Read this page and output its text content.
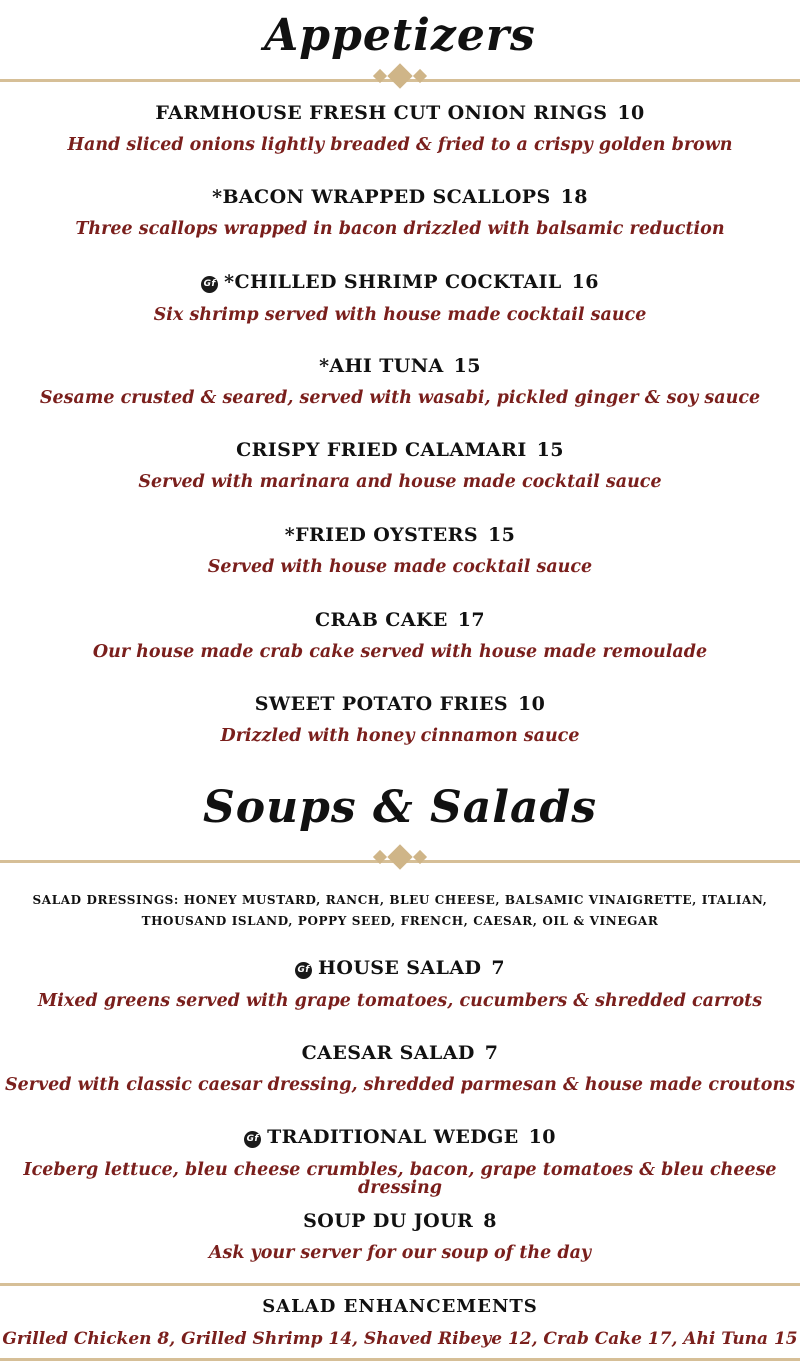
Appetizers
FARMHOUSE FRESH CUT ONION RINGS 10
Hand sliced onions lightly breaded & fried to a crispy golden brown
*BACON WRAPPED SCALLOPS 18
Three scallops wrapped in bacon drizzled with balsamic reduction
Gf *CHILLED SHRIMP COCKTAIL 16
Six shrimp served with house made cocktail sauce
*AHI TUNA 15
Sesame crusted & seared, served with wasabi, pickled ginger & soy sauce
CRISPY FRIED CALAMARI 15
Served with marinara and house made cocktail sauce
*FRIED OYSTERS 15
Served with house made cocktail sauce
CRAB CAKE 17
Our house made crab cake served with house made remoulade
SWEET POTATO FRIES 10
Drizzled with honey cinnamon sauce
Soups & Salads
SALAD DRESSINGS: HONEY MUSTARD, RANCH, BLEU CHEESE, BALSAMIC VINAIGRETTE, ITALIAN,
THOUSAND ISLAND, POPPY SEED, FRENCH, CAESAR, OIL & VINEGAR
Gf HOUSE SALAD 7
Mixed greens served with grape tomatoes, cucumbers & shredded carrots
CAESAR SALAD 7
Served with classic caesar dressing, shredded parmesan & house made croutons
Gf TRADITIONAL WEDGE 10
Iceberg lettuce, bleu cheese crumbles, bacon, grape tomatoes & bleu cheese dressing
SOUP DU JOUR 8
Ask your server for our soup of the day
SALAD ENHANCEMENTS
Grilled Chicken 8, Grilled Shrimp 14, Shaved Ribeye 12, Crab Cake 17, Ahi Tuna 15
